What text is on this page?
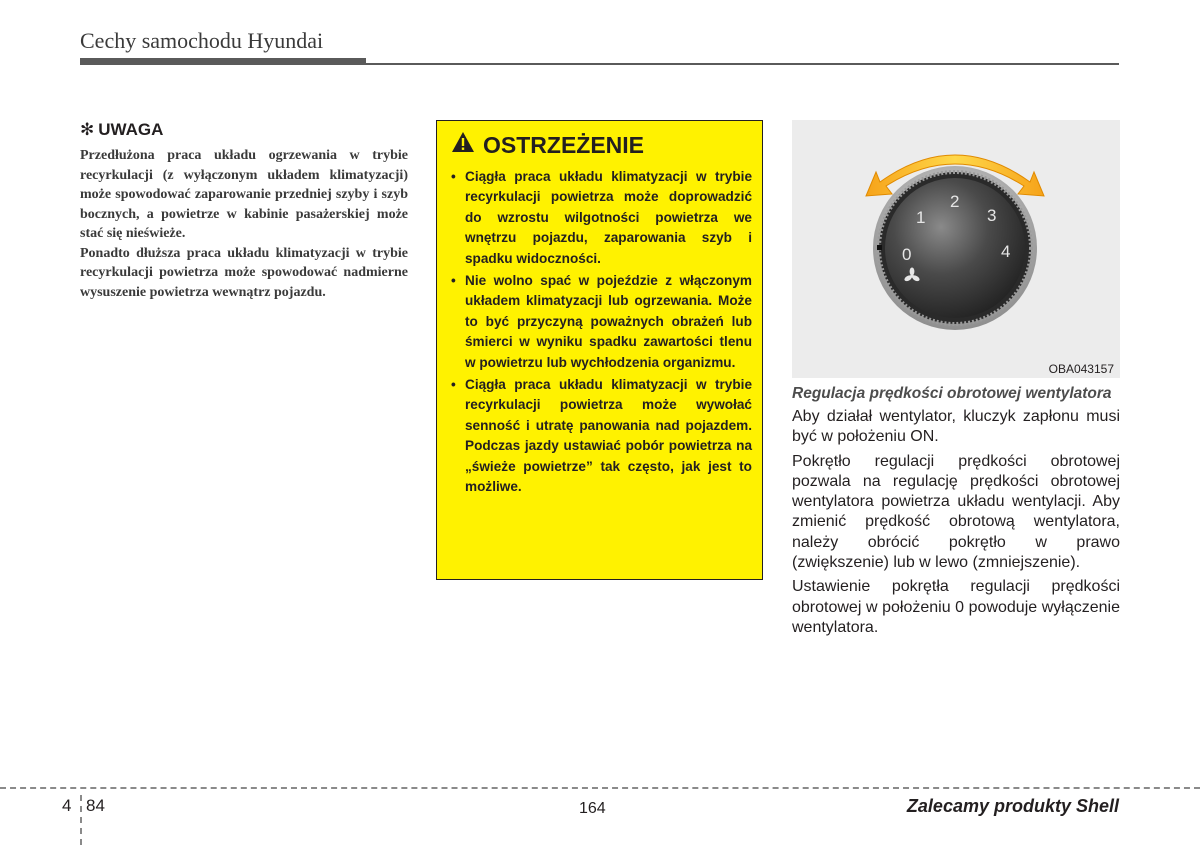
Cechy samochodu Hyundai
✻ UWAGA

Przedłużona praca układu ogrzewania w trybie recyrkulacji (z wyłączonym układem klimatyzacji) może spowodować zaparowanie przedniej szyby i szyb bocznych, a powietrze w kabinie pasażerskiej może stać się nieświeże.

Ponadto dłuższa praca układu klimatyzacji w trybie recyrkulacji powietrza może spowodować nadmierne wysuszenie powietrza wewnątrz pojazdu.

OSTRZEŻENIE
• Ciągła praca układu klimatyzacji w trybie recyrkulacji powietrza może doprowadzić do wzrostu wilgotności powietrza we wnętrzu pojazdu, zaparowania szyb i spadku widoczności.
• Nie wolno spać w pojeździe z włączonym układem klimatyzacji lub ogrzewania. Może to być przyczyną poważnych obrażeń lub śmierci w wyniku spadku zawartości tlenu w powietrzu lub wychłodzenia organizmu.
• Ciągła praca układu klimatyzacji w trybie recyrkulacji powietrza może wywołać senność i utratę panowania nad pojazdem. Podczas jazdy ustawiać pobór powietrza na „świeże powietrze” tak często, jak jest to możliwe.
0
1
2
3
4
OBA043157
Regulacja prędkości obrotowej wentylatora

Aby działał wentylator, kluczyk zapłonu musi być w położeniu ON.

Pokrętło regulacji prędkości obrotowej pozwala na regulację prędkości obrotowej wentylatora powietrza układu wentylacji. Aby zmienić prędkość obrotową wentylatora, należy obrócić pokrętło w prawo (zwiększenie) lub w lewo (zmniejszenie).

Ustawienie pokrętła regulacji prędkości obrotowej w położeniu 0 powoduje wyłączenie wentylatora.

4 84	164	Zalecamy produkty Shell
